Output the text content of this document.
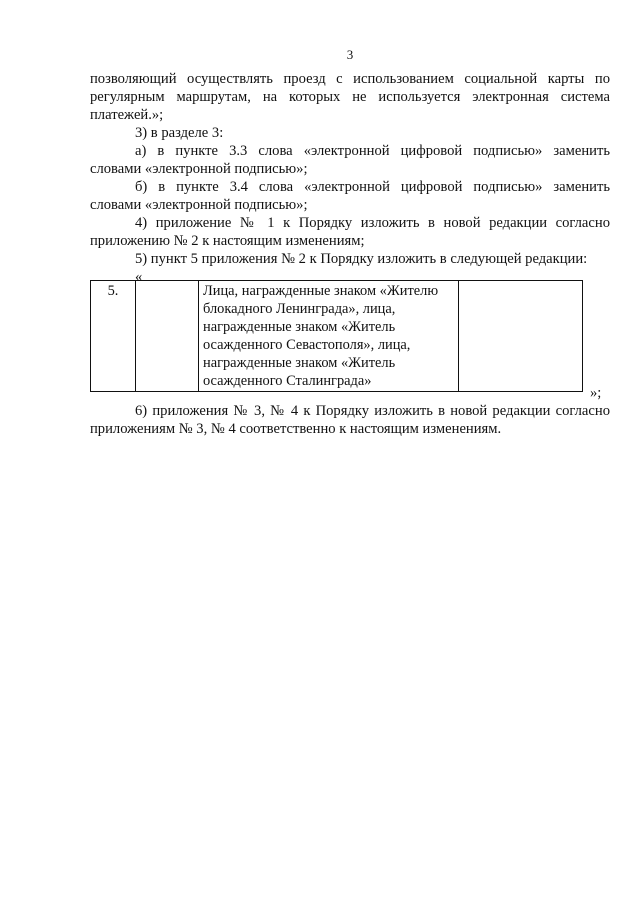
3
позволяющий осуществлять проезд с использованием социальной карты по
регулярным маршрутам, на которых не используется электронная система
платежей.»;
3) в разделе 3:
а) в пункте 3.3 слова «электронной цифровой подписью» заменить
словами «электронной подписью»;
б) в пункте 3.4 слова «электронной цифровой подписью» заменить
словами «электронной подписью»;
4) приложение № 1 к Порядку изложить в новой редакции согласно
приложению № 2 к настоящим изменениям;
5) пункт 5 приложения № 2 к Порядку изложить в следующей редакции:
«
5.		Лица, награжденные знаком «Жителю
блокадного Ленинграда», лица,
награжденные знаком «Житель
осажденного Севастополя», лица,
награжденные знаком «Житель
осажденного Сталинграда»

»;
6) приложения № 3, № 4 к Порядку изложить в новой редакции согласно
приложениям № 3, № 4 соответственно к настоящим изменениям.
